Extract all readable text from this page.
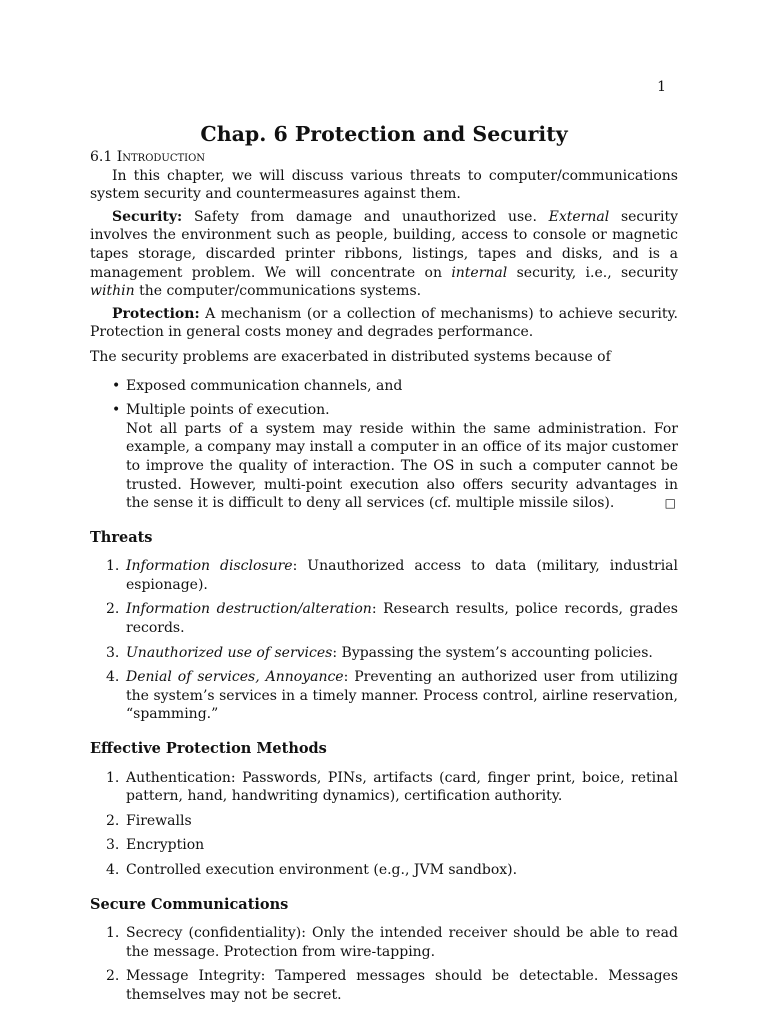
1
Chap. 6 Protection and Security
6.1 Introduction

In this chapter, we will discuss various threats to computer/communications system security and countermeasures against them.

Security: Safety from damage and unauthorized use. External security involves the environment such as people, building, access to console or magnetic tapes storage, discarded printer ribbons, listings, tapes and disks, and is a management problem. We will concentrate on internal security, i.e., security within the computer/communications systems.

Protection: A mechanism (or a collection of mechanisms) to achieve security. Protection in general costs money and degrades performance.

The security problems are exacerbated in distributed systems because of

• Exposed communication channels, and
• Multiple points of execution.
Not all parts of a system may reside within the same administration. For example, a company may install a computer in an office of its major customer to improve the quality of interaction. The OS in such a computer cannot be trusted. However, multi-point execution also offers security advantages in the sense it is difficult to deny all services (cf. multiple missile silos).	□
Threats
1. Information disclosure: Unauthorized access to data (military, industrial espionage).
2. Information destruction/alteration: Research results, police records, grades records.
3. Unauthorized use of services: Bypassing the system’s accounting policies.
4. Denial of services, Annoyance: Preventing an authorized user from utilizing the system’s services in a timely manner. Process control, airline reservation, “spamming.”
Effective Protection Methods
1. Authentication: Passwords, PINs, artifacts (card, finger print, boice, retinal pattern, hand, handwriting dynamics), certification authority.
2. Firewalls
3. Encryption
4. Controlled execution environment (e.g., JVM sandbox).
Secure Communications
1. Secrecy (confidentiality): Only the intended receiver should be able to read the message. Protection from wire-tapping.
2. Message Integrity: Tampered messages should be detectable. Messages themselves may not be secret.
